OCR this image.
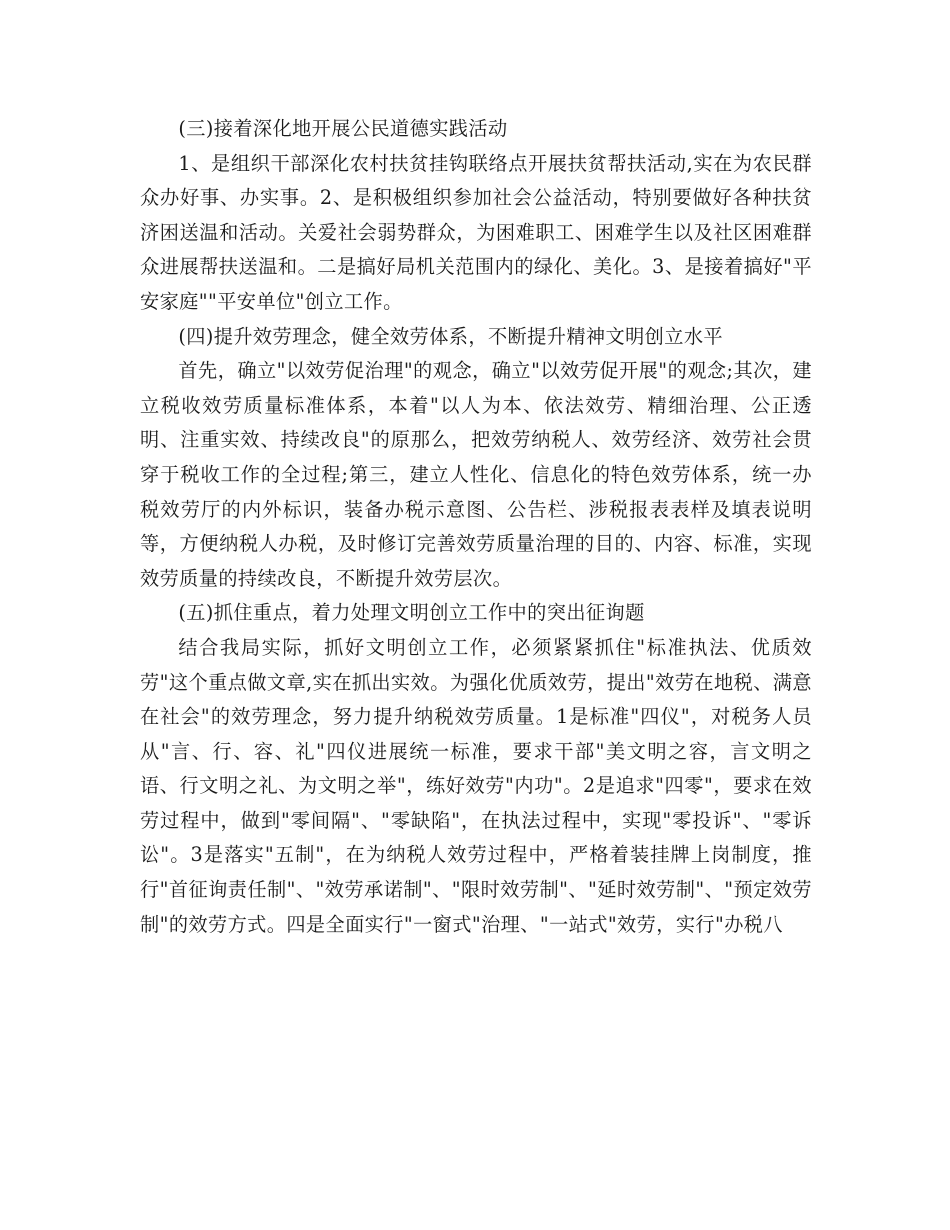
(三)接着深化地开展公民道德实践活动

1、是组织干部深化农村扶贫挂钩联络点开展扶贫帮扶活动,实在为农民群众办好事、办实事。2、是积极组织参加社会公益活动，特别要做好各种扶贫济困送温和活动。关爱社会弱势群众，为困难职工、困难学生以及社区困难群众进展帮扶送温和。二是搞好局机关范围内的绿化、美化。3、是接着搞好"平安家庭""平安单位"创立工作。

(四)提升效劳理念，健全效劳体系，不断提升精神文明创立水平

首先，确立"以效劳促治理"的观念，确立"以效劳促开展"的观念;其次，建立税收效劳质量标准体系，本着"以人为本、依法效劳、精细治理、公正透明、注重实效、持续改良"的原那么，把效劳纳税人、效劳经济、效劳社会贯穿于税收工作的全过程;第三，建立人性化、信息化的特色效劳体系，统一办税效劳厅的内外标识，装备办税示意图、公告栏、涉税报表表样及填表说明等，方便纳税人办税，及时修订完善效劳质量治理的目的、内容、标准，实现效劳质量的持续改良，不断提升效劳层次。

(五)抓住重点，着力处理文明创立工作中的突出征询题

结合我局实际，抓好文明创立工作，必须紧紧抓住"标准执法、优质效劳"这个重点做文章,实在抓出实效。为强化优质效劳，提出"效劳在地税、满意在社会"的效劳理念，努力提升纳税效劳质量。1是标准"四仪"，对税务人员从"言、行、容、礼"四仪进展统一标准，要求干部"美文明之容，言文明之语、行文明之礼、为文明之举"，练好效劳"内功"。2是追求"四零"，要求在效劳过程中，做到"零间隔"、"零缺陷"，在执法过程中，实现"零投诉"、"零诉讼"。3是落实"五制"，在为纳税人效劳过程中，严格着装挂牌上岗制度，推行"首征询责任制"、"效劳承诺制"、"限时效劳制"、"延时效劳制"、"预定效劳制"的效劳方式。四是全面实行"一窗式"治理、"一站式"效劳，实行"办税八
